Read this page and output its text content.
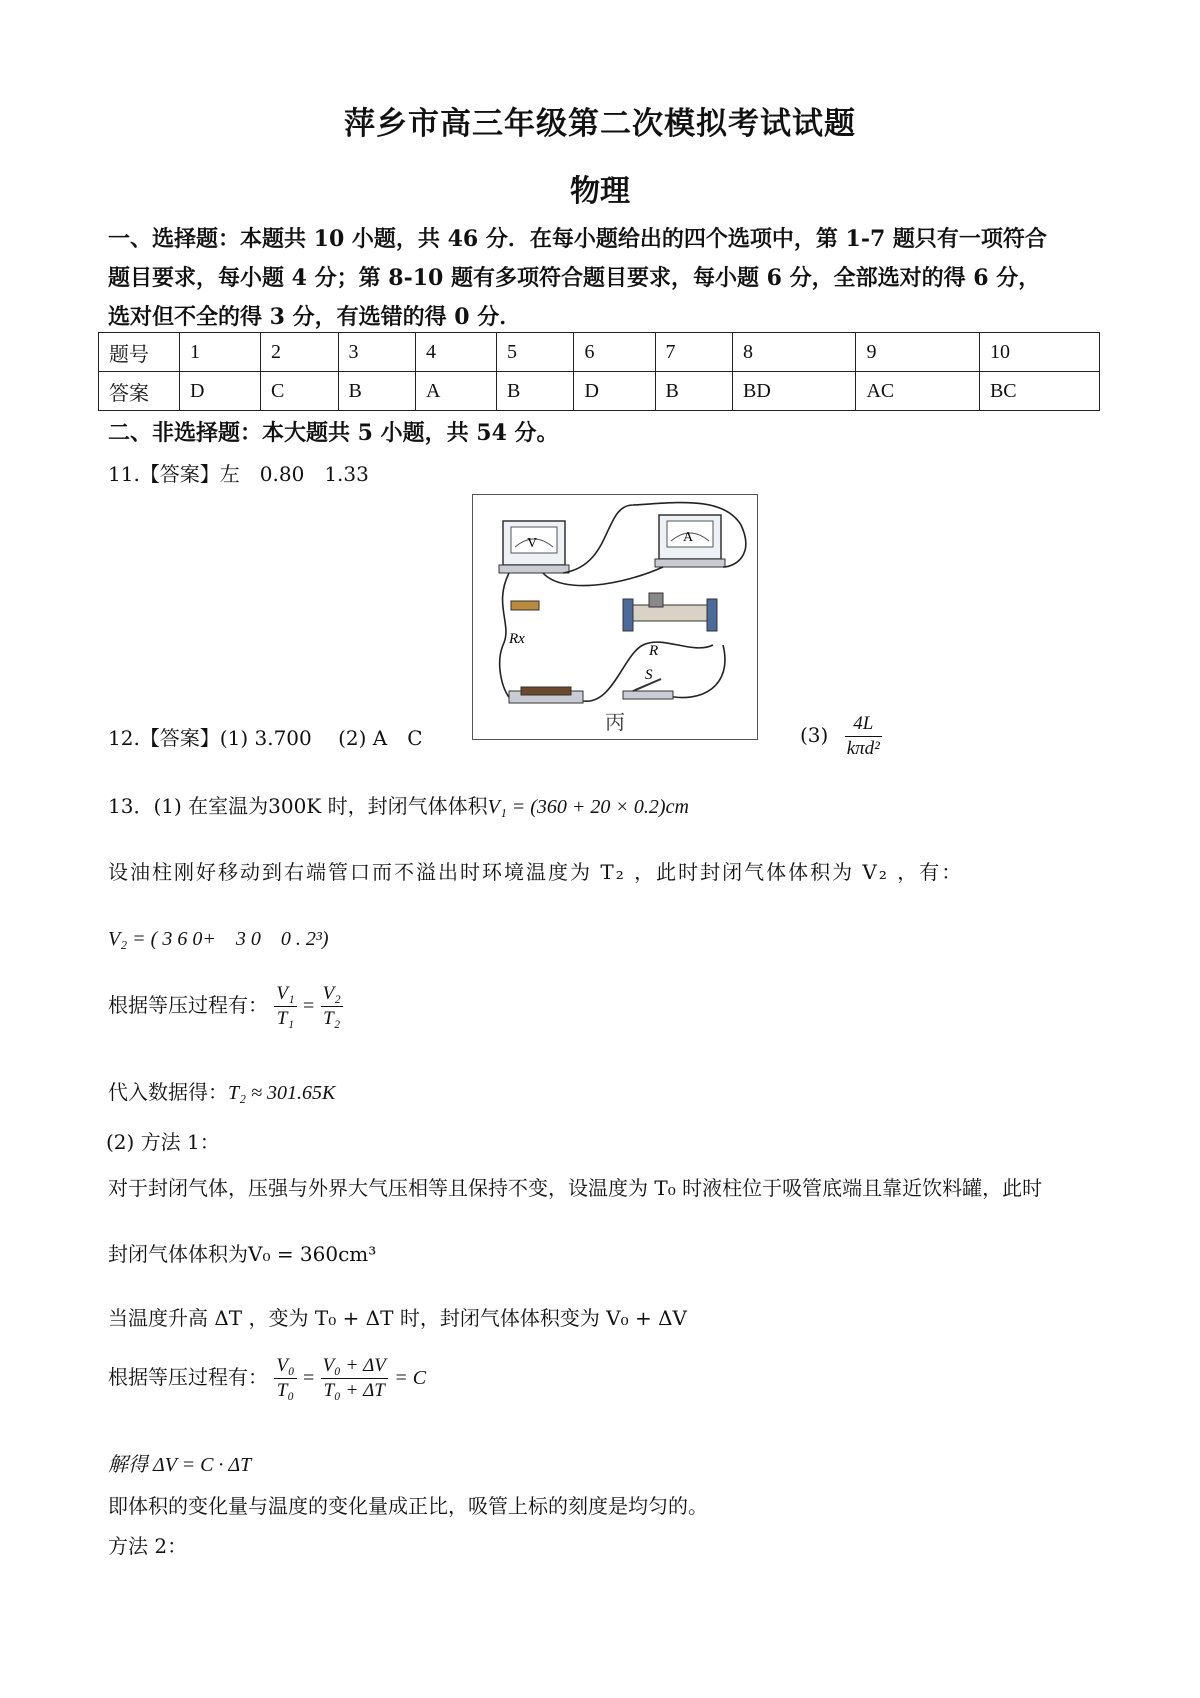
萍乡市高三年级第二次模拟考试试题
物理
一、选择题：本题共 10 小题，共 46 分．在每小题给出的四个选项中，第 1-7 题只有一项符合
题目要求，每小题 4 分；第 8-10 题有多项符合题目要求，每小题 6 分，全部选对的得 6 分，
选对但不全的得 3 分，有选错的得 0 分．
题号	1	2	3	4	5	6	7	8	9	10
答案	D	C	B	A	B	D	B	BD	AC	BC
二、非选择题：本大题共 5 小题，共 54 分。
11.【答案】左　0.80　1.33
V	A
R
Rx
S
丙
12.【答案】(1) 3.700　 (2) A　C	$(3) \frac{4L}{\text{kπd²}}$
13．(1) 在室温为300K 时，封闭气体体积V₁ = (360 + 20 × 0.2)cm
设油柱刚好移动到右端管口而不溢出时环境温度为 T₂ ，此时封闭气体体积为 V₂ ，有：
V₂ = ( 3 6 0+　3 0　0 . 2³)
根据等压过程有： $\frac{\text{V₁}}{\text{T₁}} = \frac{\text{V₂}}{\text{T₂}}$
代入数据得：T₂ ≈ 301.65K
(2) 方法 1：
对于封闭气体，压强与外界大气压相等且保持不变，设温度为 T₀ 时液柱位于吸管底端且靠近饮料罐，此时
封闭气体体积为V₀ = 360cm³
当温度升高 ΔT ，变为 T₀ + ΔT 时，封闭气体体积变为 V₀ + ΔV
根据等压过程有： $\frac{\text{V₀}}{\text{T₀}} = \frac{\text{V₀ + ΔV}}{\text{T₀ + ΔT}} = C$
解得 ΔV = C · ΔT
即体积的变化量与温度的变化量成正比，吸管上标的刻度是均匀的。
方法 2：
